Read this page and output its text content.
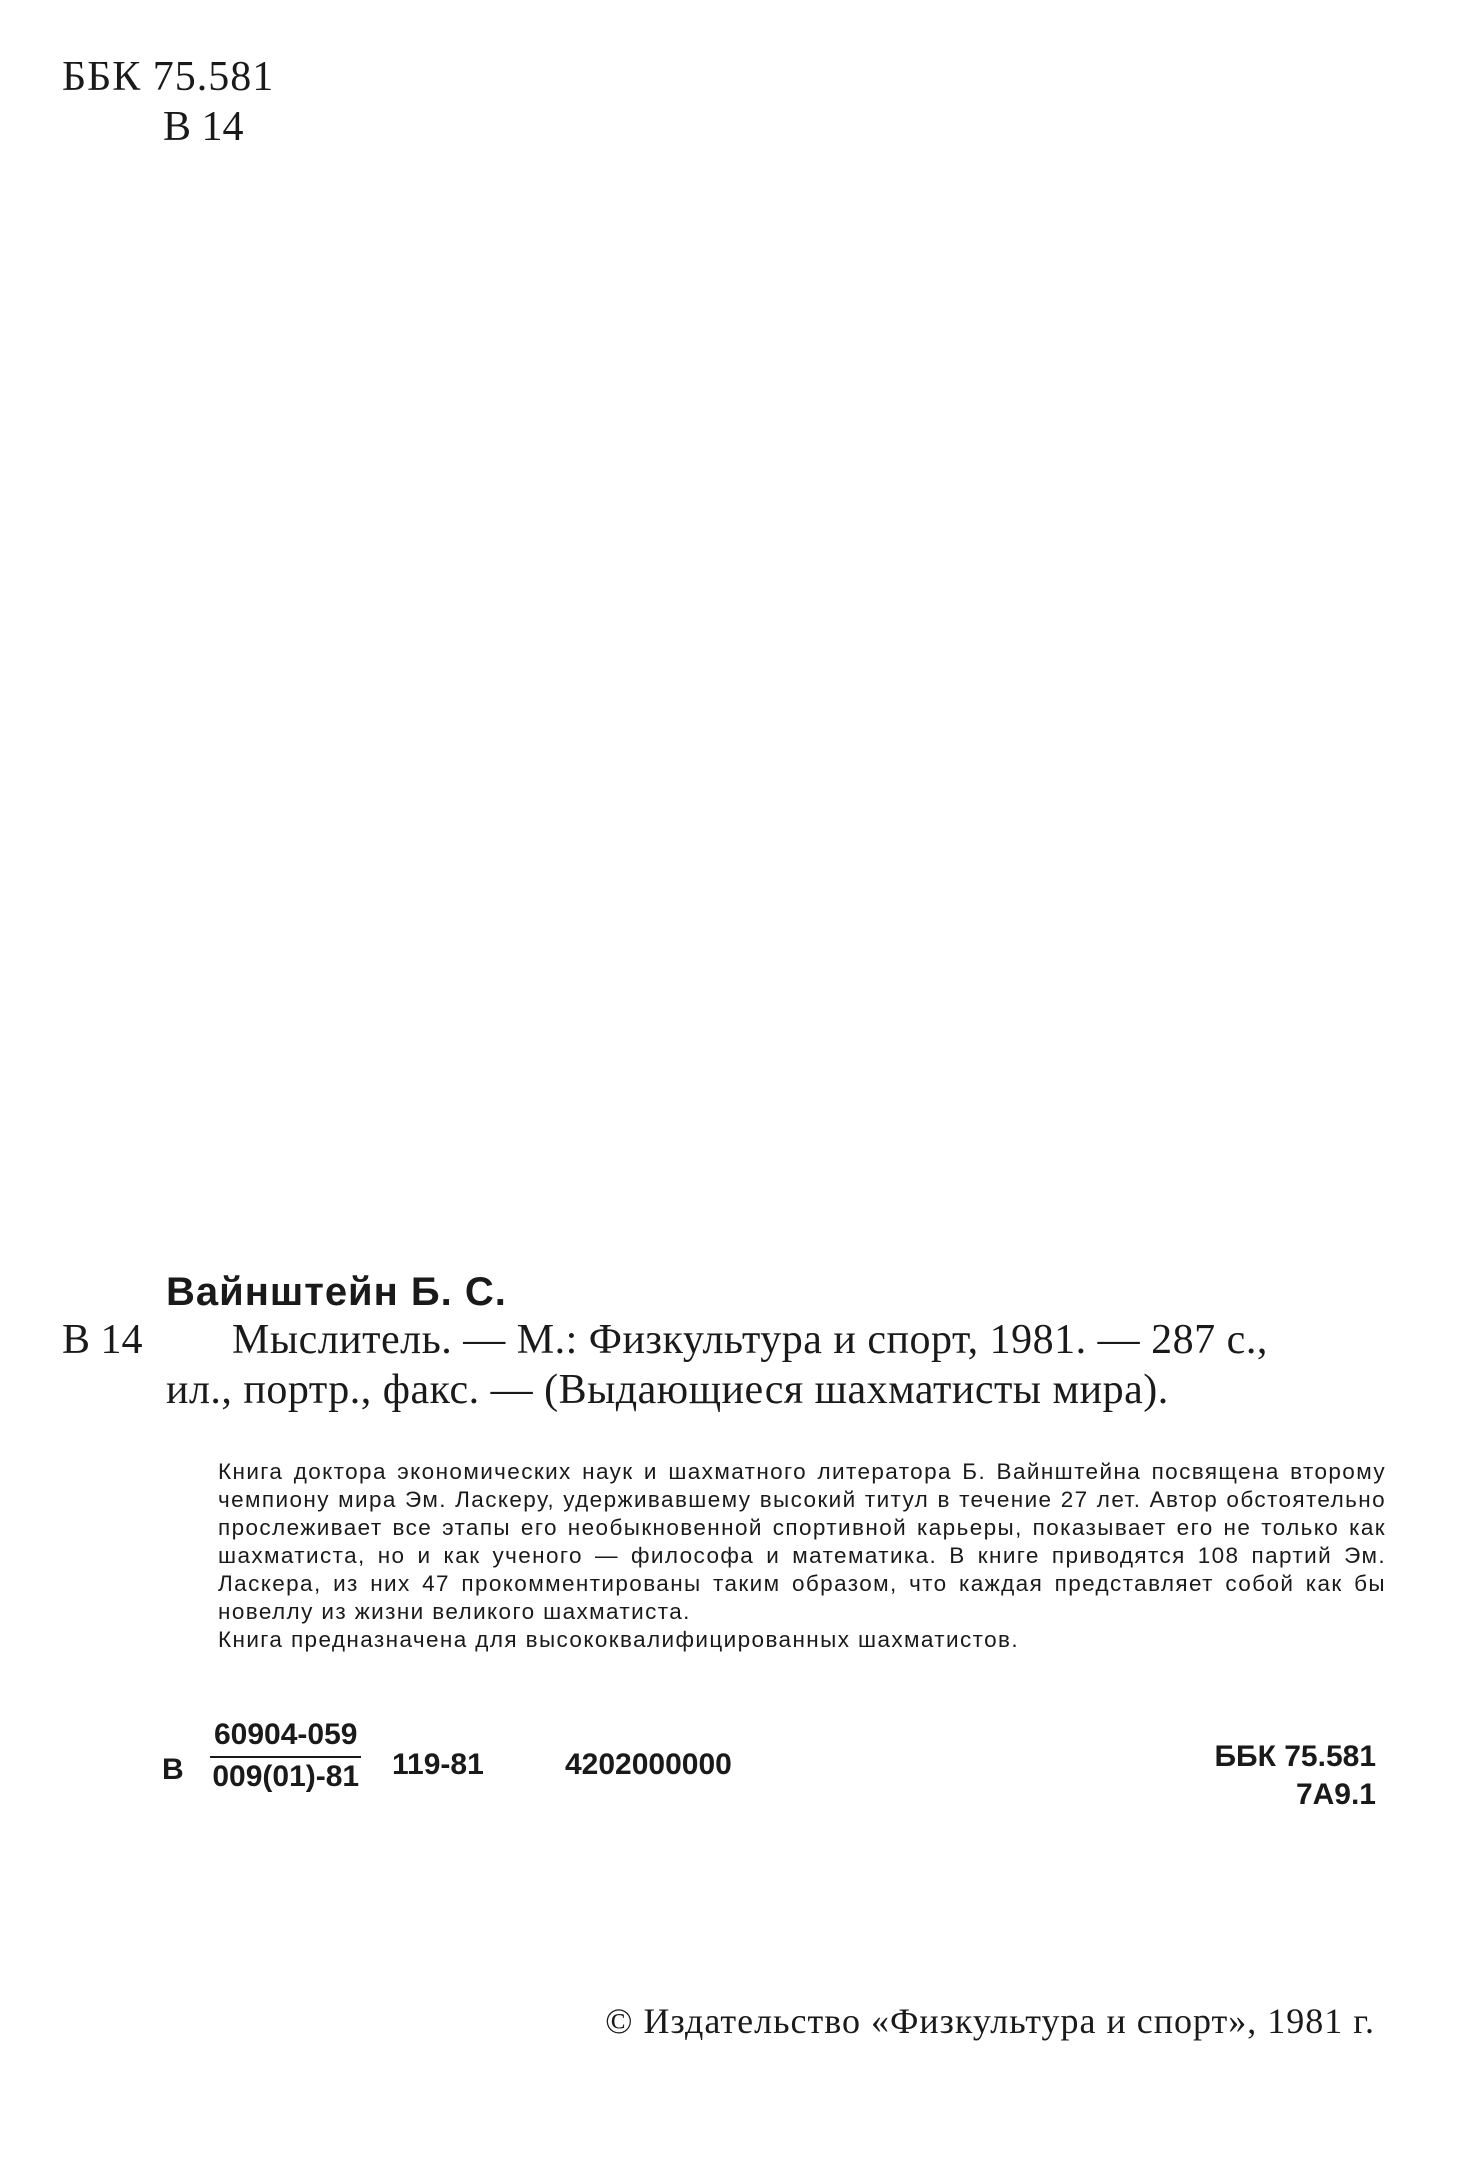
ББК 75.581
В 14
Вайнштейн Б. С.
В 14 Мыслитель. — М.: Физкультура и спорт, 1981. — 287 с.,
ил., портр., факс. — (Выдающиеся шахматисты мира).

Книга доктора экономических наук и шахматного литератора Б. Вайнштейна посвящена второму чемпиону мира Эм. Ласкеру, удерживавшему высокий титул в течение 27 лет. Автор обстоятельно прослеживает все этапы его необыкновенной спортивной карьеры, показывает его не только как шахматиста, но и как ученого — философа и математика. В книге приводятся 108 партий Эм. Ласкера, из них 47 прокомментированы таким образом, что каждая представляет собой как бы новеллу из жизни великого шахматиста.

Книга предназначена для высококвалифицированных шахматистов.

В $\frac{60904-059}{009(01)-81} 119-81$	4202000000	ББК 75.581
7А9.1
© Издательство «Физкультура и спорт», 1981 г.
